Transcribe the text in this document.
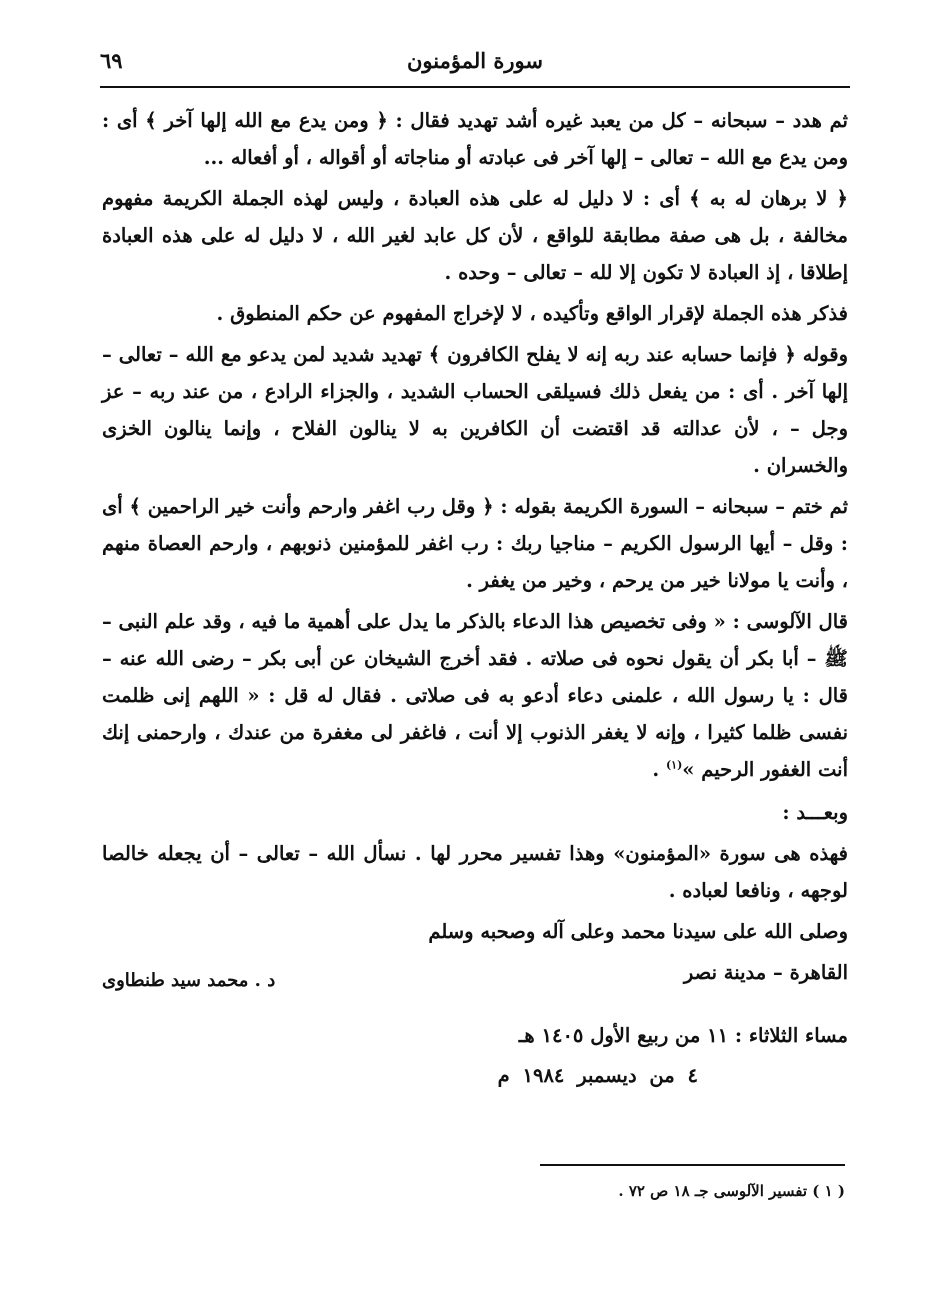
سورة المؤمنون
٦٩

ثم هدد – سبحانه – كل من يعبد غيره أشد تهديد فقال : ﴿ ومن يدع مع الله إلها آخر ﴾ أى : ومن يدع مع الله – تعالى – إلها آخر فى عبادته أو مناجاته أو أقواله ، أو أفعاله ...

﴿ لا برهان له به ﴾ أى : لا دليل له على هذه العبادة ، وليس لهذه الجملة الكريمة مفهوم مخالفة ، بل هى صفة مطابقة للواقع ، لأن كل عابد لغير الله ، لا دليل له على هذه العبادة إطلاقا ، إذ العبادة لا تكون إلا لله – تعالى – وحده .

فذكر هذه الجملة لإقرار الواقع وتأكيده ، لا لإخراج المفهوم عن حكم المنطوق .

وقوله ﴿ فإنما حسابه عند ربه إنه لا يفلح الكافرون ﴾ تهديد شديد لمن يدعو مع الله – تعالى – إلها آخر . أى : من يفعل ذلك فسيلقى الحساب الشديد ، والجزاء الرادع ، من عند ربه – عز وجل – ، لأن عدالته قد اقتضت أن الكافرين به لا ينالون الفلاح ، وإنما ينالون الخزى والخسران .

ثم ختم – سبحانه – السورة الكريمة بقوله : ﴿ وقل رب اغفر وارحم وأنت خير الراحمين ﴾ أى : وقل – أيها الرسول الكريم – مناجيا ربك : رب اغفر للمؤمنين ذنوبهم ، وارحم العصاة منهم ، وأنت يا مولانا خير من يرحم ، وخير من يغفر .

قال الآلوسى : « وفى تخصيص هذا الدعاء بالذكر ما يدل على أهمية ما فيه ، وقد علم النبى – ﷺ – أبا بكر أن يقول نحوه فى صلاته . فقد أخرج الشيخان عن أبى بكر – رضى الله عنه – قال : يا رسول الله ، علمنى دعاء أدعو به فى صلاتى . فقال له قل : « اللهم إنى ظلمت نفسى ظلما كثيرا ، وإنه لا يغفر الذنوب إلا أنت ، فاغفر لى مغفرة من عندك ، وارحمنى إنك أنت الغفور الرحيم »$^{(١)}$ .

وبعـــد :

فهذه هى سورة «المؤمنون» وهذا تفسير محرر لها . نسأل الله – تعالى – أن يجعله خالصا لوجهه ، ونافعا لعباده .

وصلى الله على سيدنا محمد وعلى آله وصحبه وسلم

القاهرة – مدينة نصر
د . محمد سيد طنطاوى
مساء الثلاثاء : ١١ من ربيع الأول ١٤٠٥ هـ
٤ من ديسمبر ١٩٨٤ م
( ١ ) تفسير الآلوسى جـ ١٨ ص ٧٢ .
